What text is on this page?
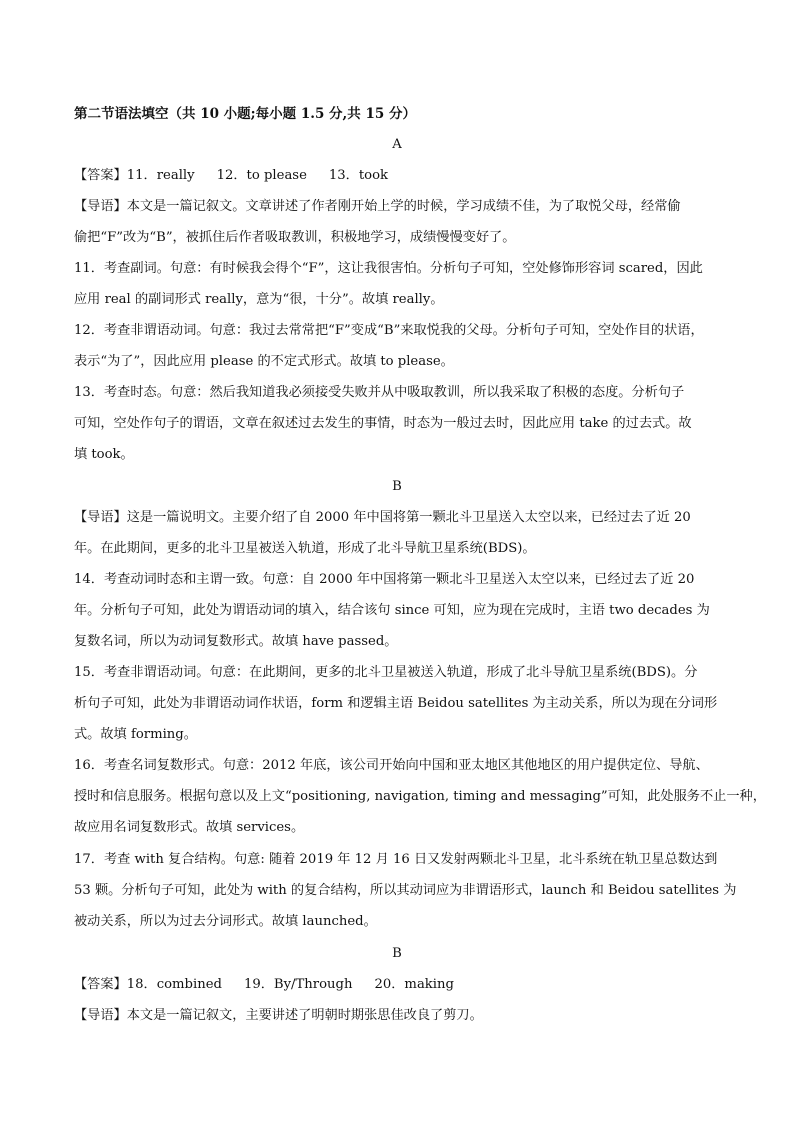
第二节语法填空（共 10 小题;每小题 1.5 分,共 15 分）
A
【答案】11．really 12．to please 13．took
【导语】本文是一篇记叙文。文章讲述了作者刚开始上学的时候，学习成绩不佳，为了取悦父母，经常偷
偷把“F”改为“B”，被抓住后作者吸取教训，积极地学习，成绩慢慢变好了。
11．考查副词。句意：有时候我会得个“F”，这让我很害怕。分析句子可知，空处修饰形容词 scared，因此
应用 real 的副词形式 really，意为“很，十分”。故填 really。
12．考查非谓语动词。句意：我过去常常把“F”变成“B”来取悦我的父母。分析句子可知，空处作目的状语，
表示“为了”，因此应用 please 的不定式形式。故填 to please。
13．考查时态。句意：然后我知道我必须接受失败并从中吸取教训，所以我采取了积极的态度。分析句子
可知，空处作句子的谓语，文章在叙述过去发生的事情，时态为一般过去时，因此应用 take 的过去式。故
填 took。
B
【导语】这是一篇说明文。主要介绍了自 2000 年中国将第一颗北斗卫星送入太空以来，已经过去了近 20
年。在此期间，更多的北斗卫星被送入轨道，形成了北斗导航卫星系统(BDS)。
14．考查动词时态和主谓一致。句意：自 2000 年中国将第一颗北斗卫星送入太空以来，已经过去了近 20
年。分析句子可知，此处为谓语动词的填入，结合该句 since 可知，应为现在完成时，主语 two decades 为
复数名词，所以为动词复数形式。故填 have passed。
15．考查非谓语动词。句意：在此期间，更多的北斗卫星被送入轨道，形成了北斗导航卫星系统(BDS)。分
析句子可知，此处为非谓语动词作状语，form 和逻辑主语 Beidou satellites 为主动关系，所以为现在分词形
式。故填 forming。
16．考查名词复数形式。句意：2012 年底，该公司开始向中国和亚太地区其他地区的用户提供定位、导航、
授时和信息服务。根据句意以及上文“positioning, navigation, timing and messaging”可知，此处服务不止一种，
故应用名词复数形式。故填 services。
17．考查 with 复合结构。句意: 随着 2019 年 12 月 16 日又发射两颗北斗卫星，北斗系统在轨卫星总数达到
53 颗。分析句子可知，此处为 with 的复合结构，所以其动词应为非谓语形式，launch 和 Beidou satellites 为
被动关系，所以为过去分词形式。故填 launched。
B
【答案】18．combined 19．By/Through 20．making
【导语】本文是一篇记叙文，主要讲述了明朝时期张思佳改良了剪刀。
